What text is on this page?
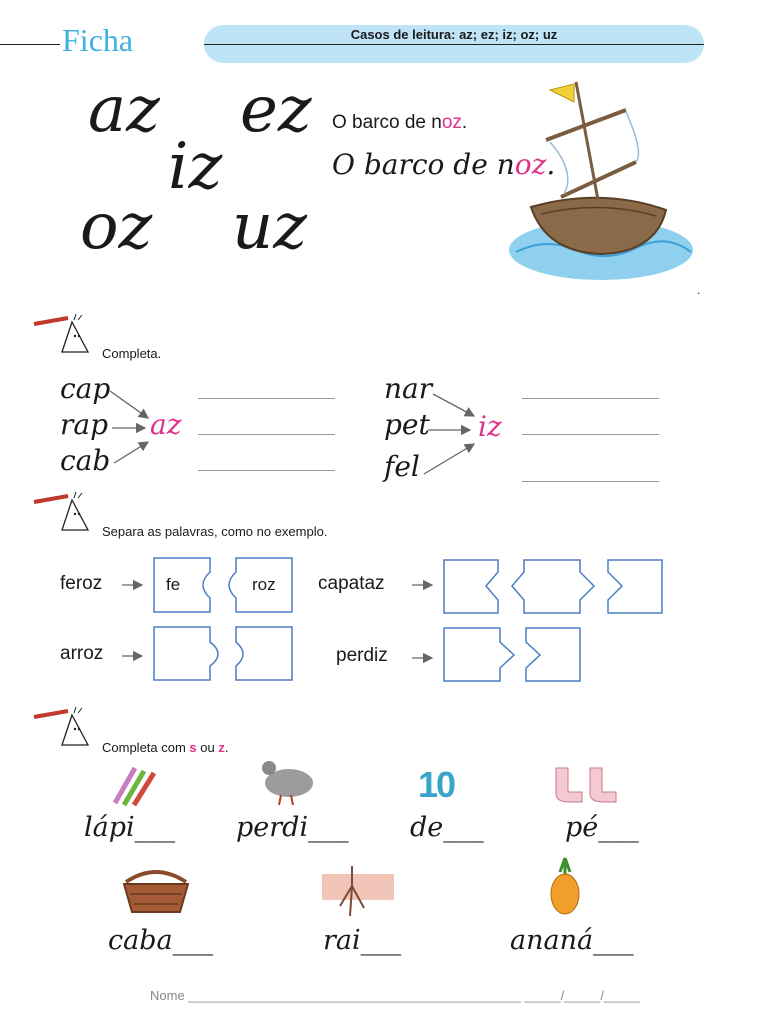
Ficha	Casos de leitura: az; ez; iz; oz; uz
az ez
iz
oz uz
O barco de noz.
O barco de noz.
.
Completa.
cap
rap
cab
az
nar
pet
fel
iz
Separa as palavras, como no exemplo.
feroz	capataz
arroz	perdiz
fe	roz
Completa com s ou z.
10
lápi___ perdi___ de___	pé___
caba___	rai___	ananá___
Nome ______________________________________________ _____/_____/_____
